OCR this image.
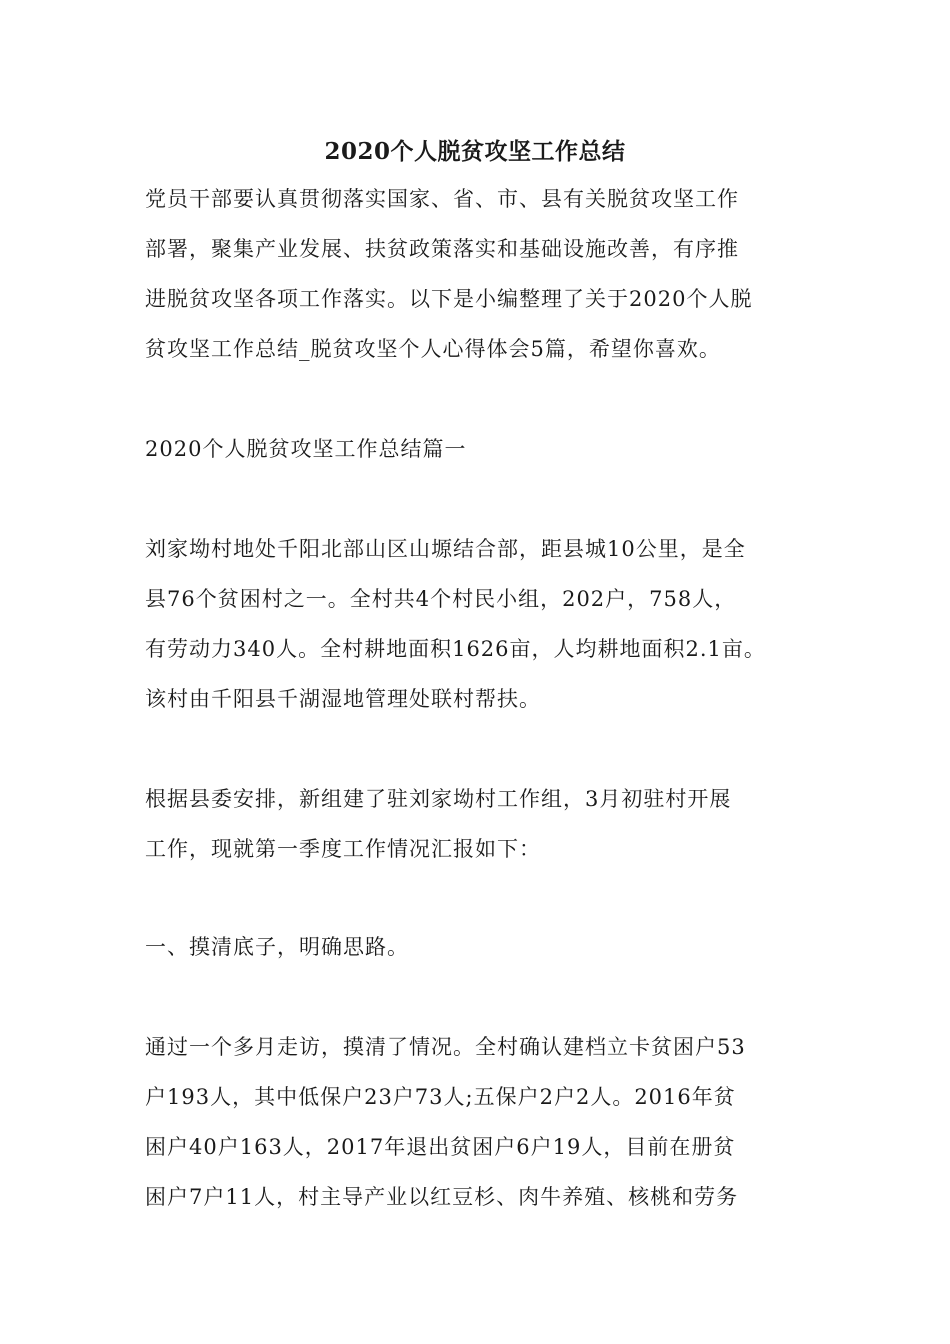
2020个人脱贫攻坚工作总结
党员干部要认真贯彻落实国家、省、市、县有关脱贫攻坚工作
部署，聚集产业发展、扶贫政策落实和基础设施改善，有序推
进脱贫攻坚各项工作落实。以下是小编整理了关于2020个人脱
贫攻坚工作总结_脱贫攻坚个人心得体会5篇，希望你喜欢。
2020个人脱贫攻坚工作总结篇一
刘家坳村地处千阳北部山区山塬结合部，距县城10公里，是全
县76个贫困村之一。全村共4个村民小组，202户，758人，
有劳动力340人。全村耕地面积1626亩，人均耕地面积2.1亩。
该村由千阳县千湖湿地管理处联村帮扶。
根据县委安排，新组建了驻刘家坳村工作组，3月初驻村开展
工作，现就第一季度工作情况汇报如下：
一、摸清底子，明确思路。
通过一个多月走访，摸清了情况。全村确认建档立卡贫困户53
户193人，其中低保户23户73人;五保户2户2人。2016年贫
困户40户163人，2017年退出贫困户6户19人，目前在册贫
困户7户11人，村主导产业以红豆杉、肉牛养殖、核桃和劳务
